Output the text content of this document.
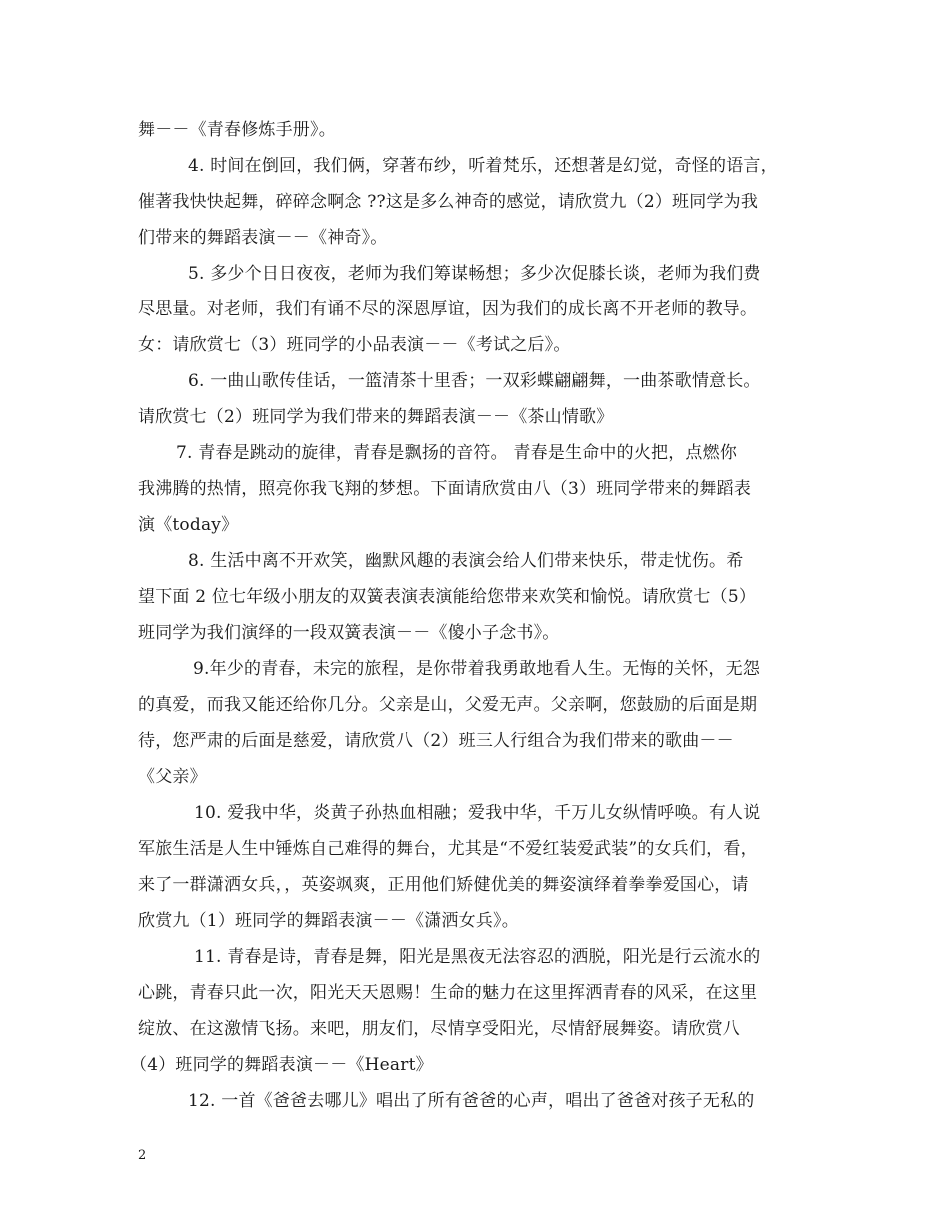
舞－－《青春修炼手册》。
4. 时间在倒回，我们俩，穿著布纱，听着梵乐，还想著是幻觉，奇怪的语言，
催著我快快起舞，碎碎念啊念 ??这是多么神奇的感觉，请欣赏九（2）班同学为我
们带来的舞蹈表演－－《神奇》。
5. 多少个日日夜夜，老师为我们筹谋畅想；多少次促膝长谈，老师为我们费
尽思量。对老师，我们有诵不尽的深恩厚谊，因为我们的成长离不开老师的教导。
女：请欣赏七（3）班同学的小品表演－－《考试之后》。
6. 一曲山歌传佳话，一篮清茶十里香；一双彩蝶翩翩舞，一曲茶歌情意长。
请欣赏七（2）班同学为我们带来的舞蹈表演－－《茶山情歌》
7. 青春是跳动的旋律，青春是飘扬的音符。 青春是生命中的火把，点燃你
我沸腾的热情，照亮你我飞翔的梦想。下面请欣赏由八（3）班同学带来的舞蹈表
演《today》
8. 生活中离不开欢笑，幽默风趣的表演会给人们带来快乐，带走忧伤。希
望下面 2 位七年级小朋友的双簧表演表演能给您带来欢笑和愉悦。请欣赏七（5）
班同学为我们演绎的一段双簧表演－－《傻小子念书》。
9.年少的青春，未完的旅程，是你带着我勇敢地看人生。无悔的关怀，无怨
的真爱，而我又能还给你几分。父亲是山，父爱无声。父亲啊，您鼓励的后面是期
待，您严肃的后面是慈爱，请欣赏八（2）班三人行组合为我们带来的歌曲－－
《父亲》
10. 爱我中华，炎黄子孙热血相融；爱我中华，千万儿女纵情呼唤。有人说
军旅生活是人生中锤炼自己难得的舞台，尤其是“不爱红装爱武装”的女兵们，看，
来了一群潇洒女兵，，英姿飒爽，正用他们矫健优美的舞姿演绎着拳拳爱国心，请
欣赏九（1）班同学的舞蹈表演－－《潇洒女兵》。
11. 青春是诗，青春是舞，阳光是黑夜无法容忍的洒脱，阳光是行云流水的
心跳，青春只此一次，阳光天天恩赐！生命的魅力在这里挥洒青春的风采，在这里
绽放、在这激情飞扬。来吧，朋友们，尽情享受阳光，尽情舒展舞姿。请欣赏八
（4）班同学的舞蹈表演－－《Heart》
12. 一首《爸爸去哪儿》唱出了所有爸爸的心声，唱出了爸爸对孩子无私的
2
